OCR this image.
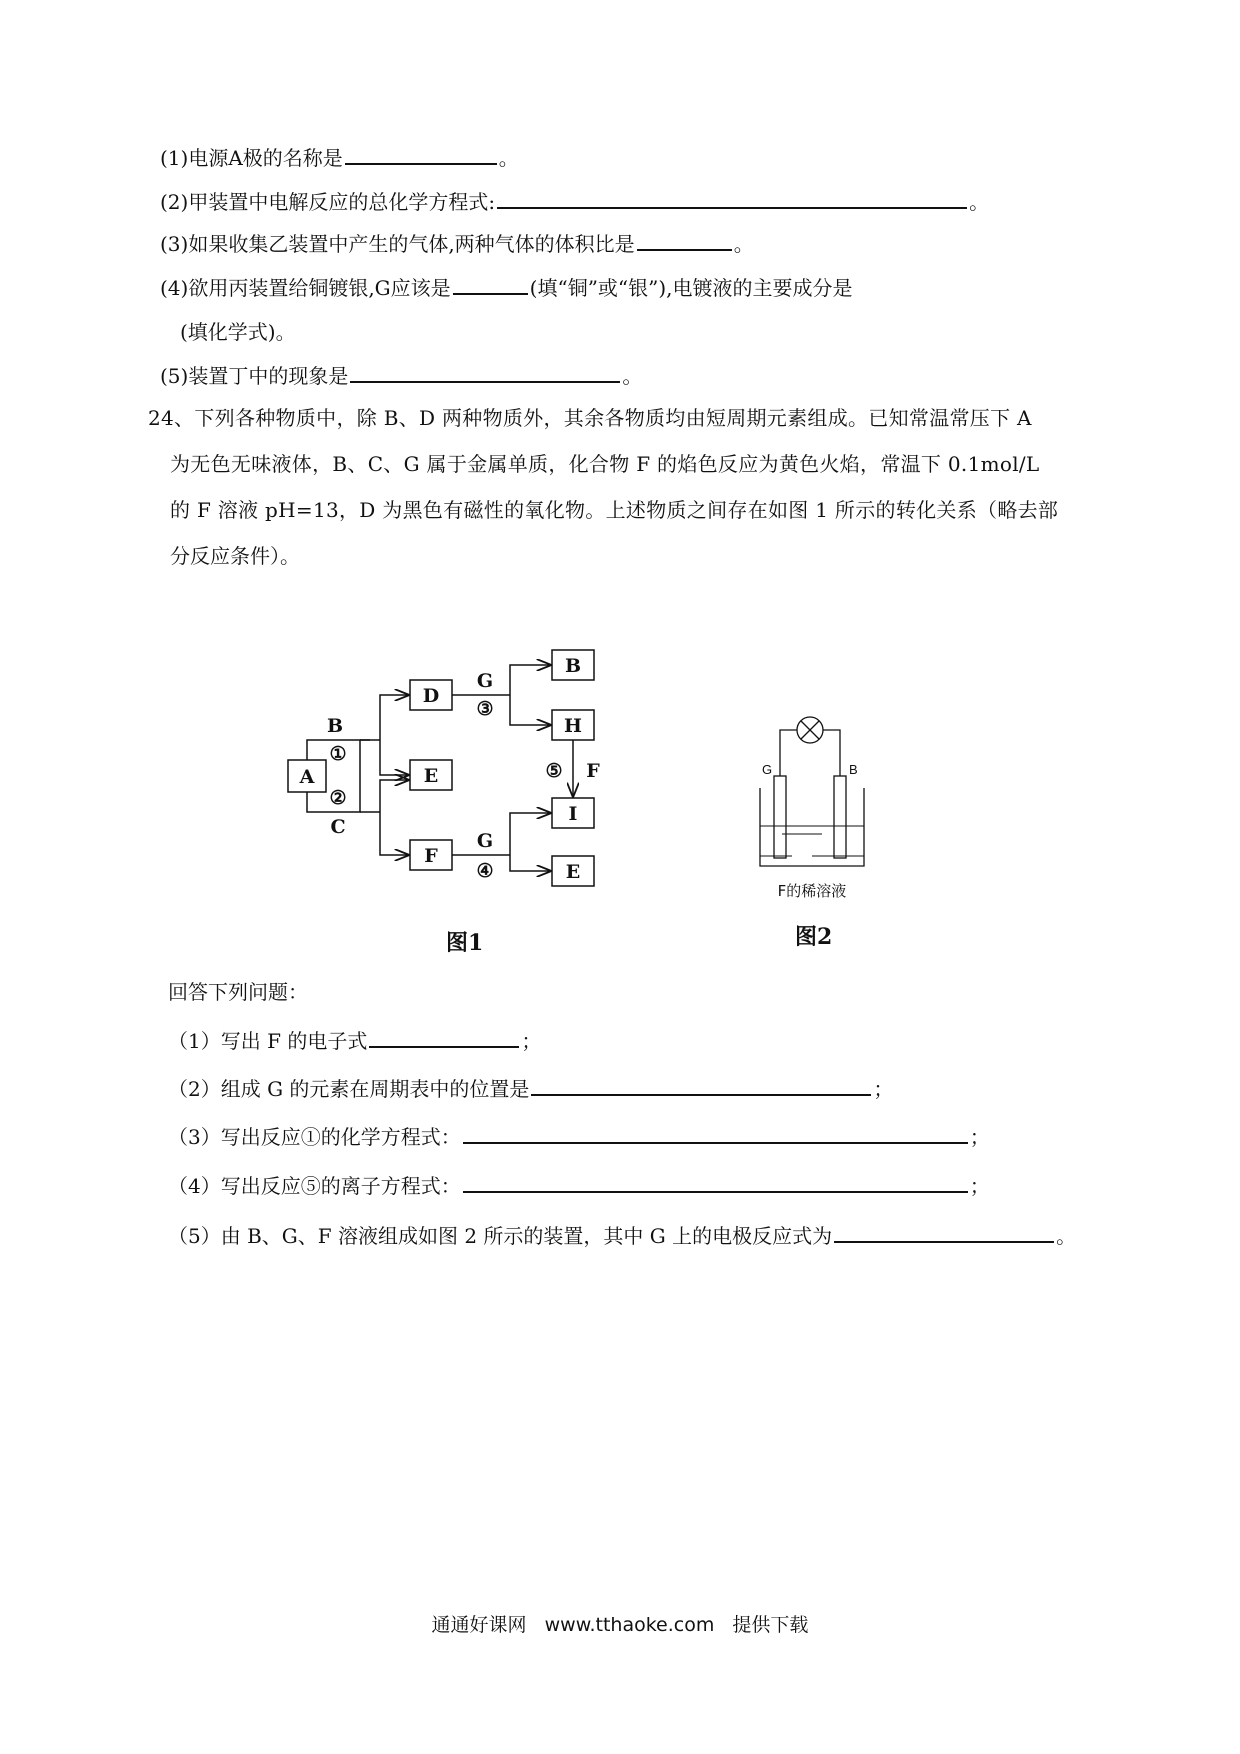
(1)电源A极的名称是	。
(2)甲装置中电解反应的总化学方程式:	。
(3)如果收集乙装置中产生的气体,两种气体的体积比是	。
(4)欲用丙装置给铜镀银,G应该是	(填“铜”或“银”),电镀液的主要成分是
(填化学式)。
(5)装置丁中的现象是	。
24、下列各种物质中，除 B、D 两种物质外，其余各物质均由短周期元素组成。已知常温常压下 A
为无色无味液体，B、C、G 属于金属单质，化合物 F 的焰色反应为黄色火焰，常温下 0.1mol/L
的 F 溶液 pH=13，D 为黑色有磁性的氧化物。上述物质之间存在如图 1 所示的转化关系（略去部
分反应条件）。
A
D
E
F
B
H
I
E
B
①
②
C
G
③
G
④
⑤ F
图1
G	B
F的稀溶液
图2
回答下列问题：
（1）写出 F 的电子式	；
（2）组成 G 的元素在周期表中的位置是	；
（3）写出反应①的化学方程式：	；
（4）写出反应⑤的离子方程式：	；
（5）由 B、G、F 溶液组成如图 2 所示的装置，其中 G 上的电极反应式为	。
通通好课网 www.tthaoke.com 提供下载
